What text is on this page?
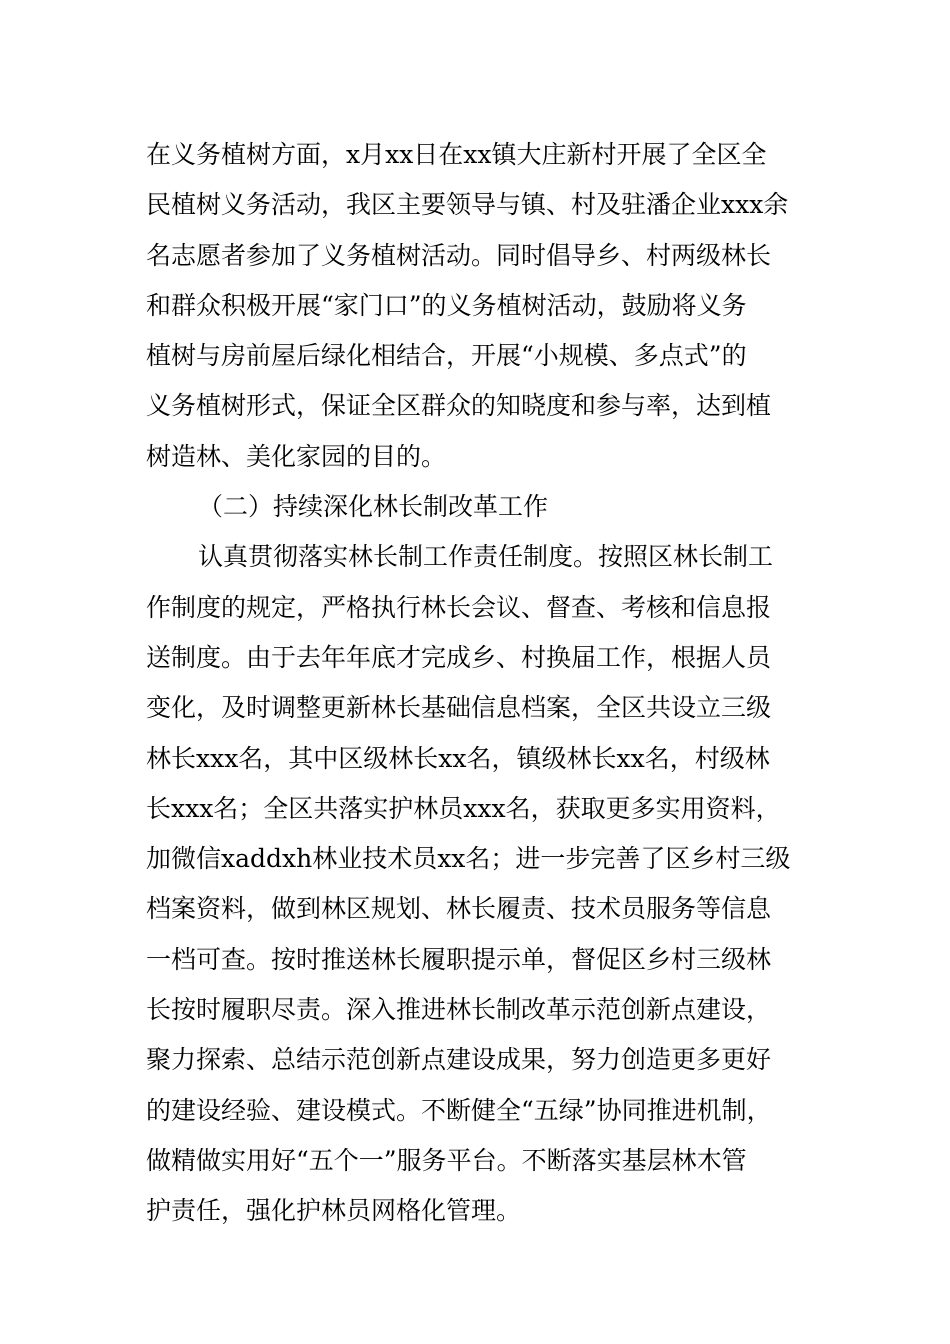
在义务植树方面，x月xx日在xx镇大庄新村开展了全区全
民植树义务活动，我区主要领导与镇、村及驻潘企业xxx余
名志愿者参加了义务植树活动。同时倡导乡、村两级林长
和群众积极开展“家门口”的义务植树活动，鼓励将义务
植树与房前屋后绿化相结合，开展“小规模、多点式”的
义务植树形式，保证全区群众的知晓度和参与率，达到植
树造林、美化家园的目的。
（二）持续深化林长制改革工作
认真贯彻落实林长制工作责任制度。按照区林长制工
作制度的规定，严格执行林长会议、督查、考核和信息报
送制度。由于去年年底才完成乡、村换届工作，根据人员
变化，及时调整更新林长基础信息档案，全区共设立三级
林长xxx名，其中区级林长xx名，镇级林长xx名，村级林
长xxx名；全区共落实护林员xxx名，获取更多实用资料，
加微信xaddxh林业技术员xx名；进一步完善了区乡村三级
档案资料，做到林区规划、林长履责、技术员服务等信息
一档可查。按时推送林长履职提示单，督促区乡村三级林
长按时履职尽责。深入推进林长制改革示范创新点建设，
聚力探索、总结示范创新点建设成果，努力创造更多更好
的建设经验、建设模式。不断健全“五绿”协同推进机制，
做精做实用好“五个一”服务平台。不断落实基层林木管
护责任，强化护林员网格化管理。
